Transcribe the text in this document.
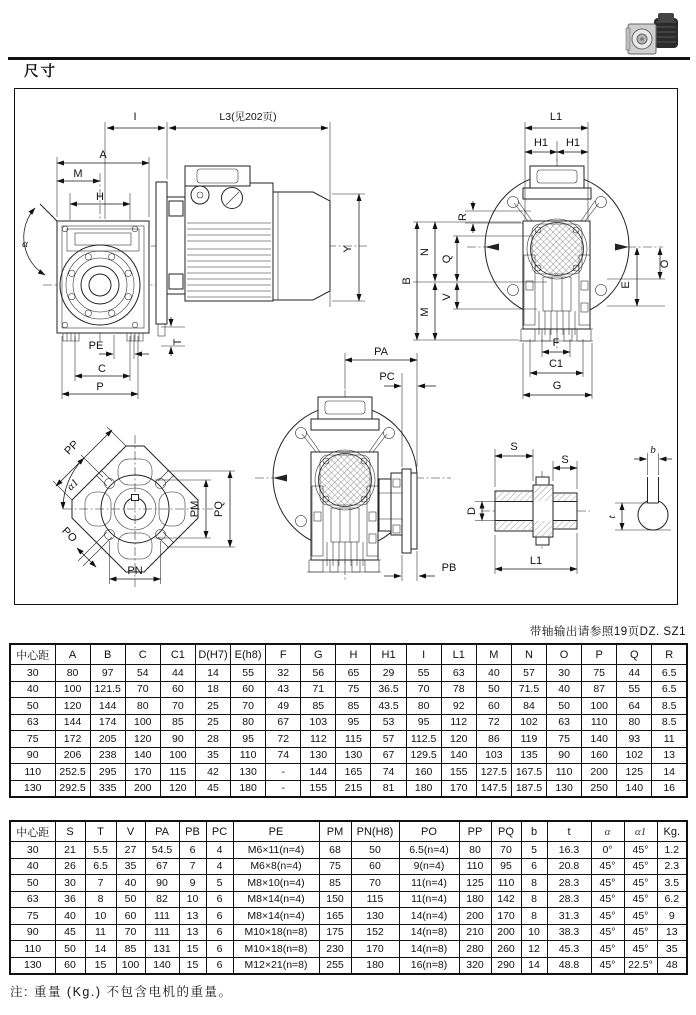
尺寸
I	L3(见202页)
A
M
H
α	Y
PE	T
C
P
L1
H1 H1
R
B
N
M
Q
V
O
E
F
C1
G
PA
PC
PB
PP
α1
PO
PN
PM PQ
S
S
D
L1
t
b
带轴输出请参照19页DZ. SZ1
中心距	A	B	C	C1	D(H7)	E(h8)	F	G	H	H1	I	L1	M	N	O	P	Q	R
30	80	97	54	44	14	55	32	56	65	29	55	63	40	57	30	75	44	6.5
40	100	121.5	70	60	18	60	43	71	75	36.5	70	78	50	71.5	40	87	55	6.5
50	120	144	80	70	25	70	49	85	85	43.5	80	92	60	84	50	100	64	8.5
63	144	174	100	85	25	80	67	103	95	53	95	112	72	102	63	110	80	8.5
75	172	205	120	90	28	95	72	112	115	57	112.5	120	86	119	75	140	93	11
90	206	238	140	100	35	110	74	130	130	67	129.5	140	103	135	90	160	102	13
110	252.5	295	170	115	42	130	-	144	165	74	160	155	127.5	167.5	110	200	125	14
130	292.5	335	200	120	45	180	-	155	215	81	180	170	147.5	187.5	130	250	140	16
中心距	S	T	V	PA	PB	PC	PE	PM	PN(H8)	PO	PP	PQ	b	t	α	α1	Kg.
30	21	5.5	27	54.5	6	4	M6×11(n=4)	68	50	6.5(n=4)	80	70	5	16.3	0°	45°	1.2
40	26	6.5	35	67	7	4	M6×8(n=4)	75	60	9(n=4)	110	95	6	20.8	45°	45°	2.3
50	30	7	40	90	9	5	M8×10(n=4)	85	70	11(n=4)	125	110	8	28.3	45°	45°	3.5
63	36	8	50	82	10	6	M8×14(n=4)	150	115	11(n=4)	180	142	8	28.3	45°	45°	6.2
75	40	10	60	111	13	6	M8×14(n=4)	165	130	14(n=4)	200	170	8	31.3	45°	45°	9
90	45	11	70	111	13	6	M10×18(n=8)	175	152	14(n=8)	210	200	10	38.3	45°	45°	13
110	50	14	85	131	15	6	M10×18(n=8)	230	170	14(n=8)	280	260	12	45.3	45°	45°	35
130	60	15	100	140	15	6	M12×21(n=8)	255	180	16(n=8)	320	290	14	48.8	45°	22.5°	48
注: 重量 (Kg.) 不包含电机的重量。
